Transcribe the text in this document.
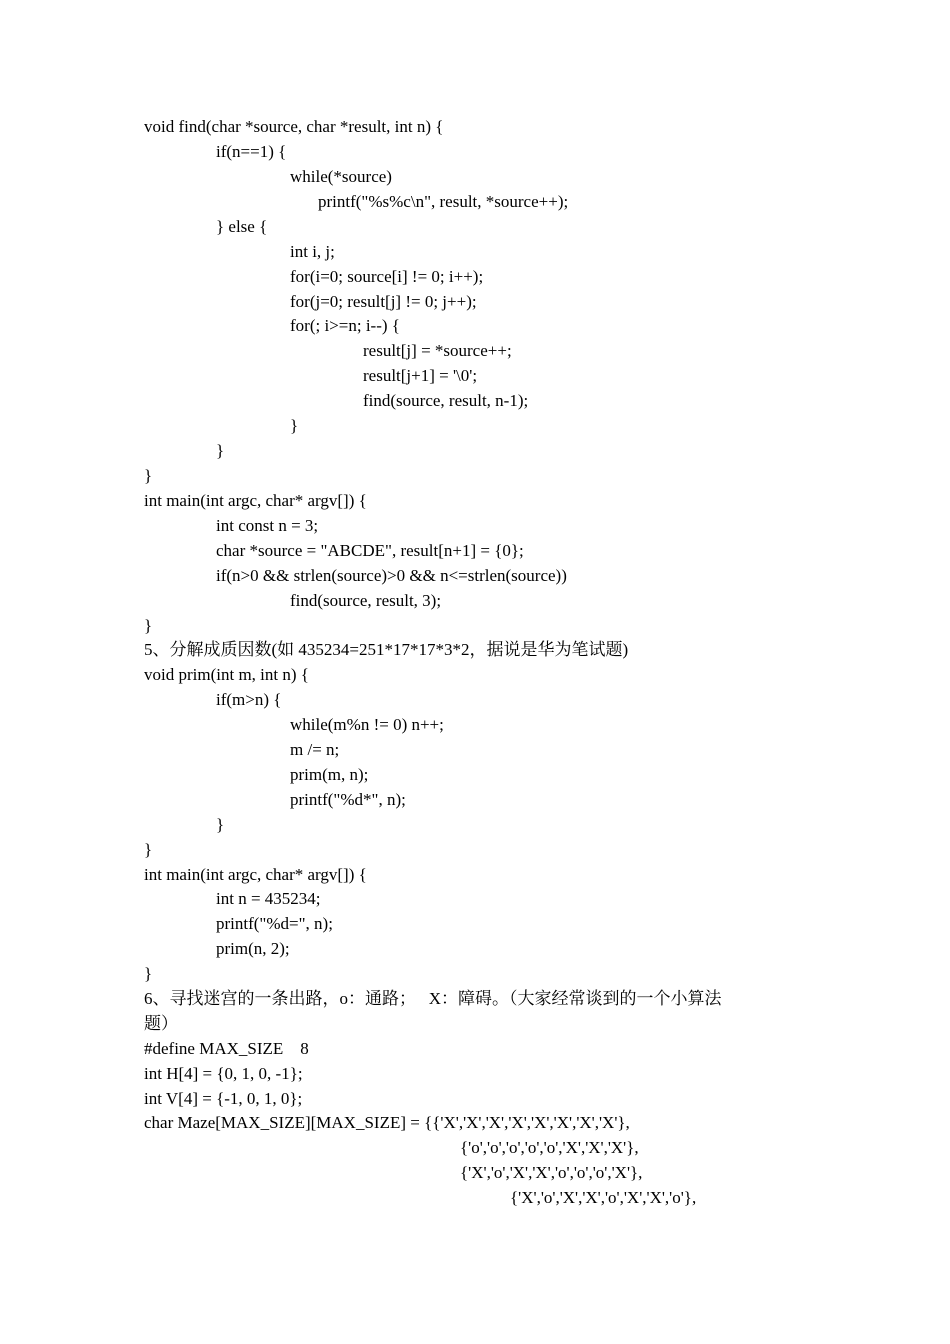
void find(char *source, char *result, int n) {
if(n==1) {
while(*source)
printf("%s%c\n", result, *source++);
} else {
int i, j;
for(i=0; source[i] != 0; i++);
for(j=0; result[j] != 0; j++);
for(; i>=n; i--) {
result[j] = *source++;
result[j+1] = '\0';
find(source, result, n-1);
}
}
}
int main(int argc, char* argv[]) {
int const n = 3;
char *source = "ABCDE", result[n+1] = {0};
if(n>0 && strlen(source)>0 && n<=strlen(source))
find(source, result, 3);
}
5、分解成质因数(如 435234=251*17*17*3*2，据说是华为笔试题)
void prim(int m, int n) {
if(m>n) {
while(m%n != 0) n++;
m /= n;
prim(m, n);
printf("%d*", n);
}
}
int main(int argc, char* argv[]) {
int n = 435234;
printf("%d=", n);
prim(n, 2);
}
6、寻找迷宫的一条出路，o：通路；   X：障碍。（大家经常谈到的一个小算法
题）
#define MAX_SIZE    8
int H[4] = {0, 1, 0, -1};
int V[4] = {-1, 0, 1, 0};
char Maze[MAX_SIZE][MAX_SIZE] = {{'X','X','X','X','X','X','X','X'},
{'o','o','o','o','o','X','X','X'},
{'X','o','X','X','o','o','o','X'},
{'X','o','X','X','o','X','X','o'},
